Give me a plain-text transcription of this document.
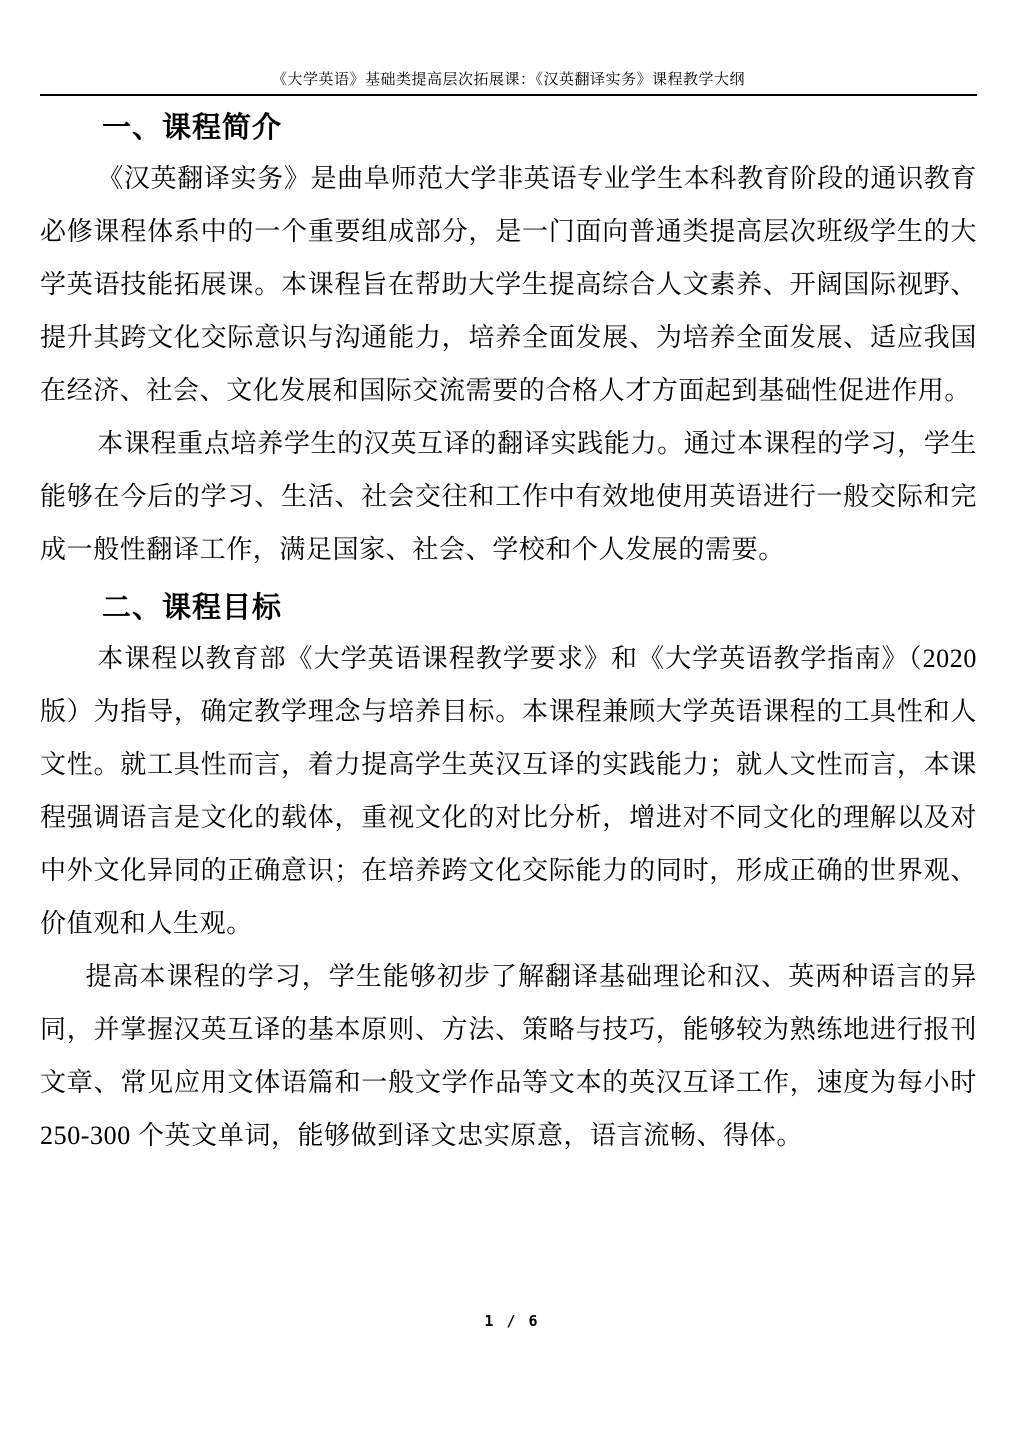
《大学英语》基础类提高层次拓展课：《汉英翻译实务》课程教学大纲
一、课程简介

《汉英翻译实务》是曲阜师范大学非英语专业学生本科教育阶段的通识教育必修课程体系中的一个重要组成部分，是一门面向普通类提高层次班级学生的大学英语技能拓展课。本课程旨在帮助大学生提高综合人文素养、开阔国际视野、提升其跨文化交际意识与沟通能力，培养全面发展、为培养全面发展、适应我国在经济、社会、文化发展和国际交流需要的合格人才方面起到基础性促进作用。

本课程重点培养学生的汉英互译的翻译实践能力。通过本课程的学习，学生能够在今后的学习、生活、社会交往和工作中有效地使用英语进行一般交际和完成一般性翻译工作，满足国家、社会、学校和个人发展的需要。

二、课程目标

本课程以教育部《大学英语课程教学要求》和《大学英语教学指南》（2020版）为指导，确定教学理念与培养目标。本课程兼顾大学英语课程的工具性和人文性。就工具性而言，着力提高学生英汉互译的实践能力；就人文性而言，本课程强调语言是文化的载体，重视文化的对比分析，增进对不同文化的理解以及对中外文化异同的正确意识；在培养跨文化交际能力的同时，形成正确的世界观、价值观和人生观。

提高本课程的学习，学生能够初步了解翻译基础理论和汉、英两种语言的异同，并掌握汉英互译的基本原则、方法、策略与技巧，能够较为熟练地进行报刊文章、常见应用文体语篇和一般文学作品等文本的英汉互译工作，速度为每小时 250-300 个英文单词，能够做到译文忠实原意，语言流畅、得体。

1 / 6
